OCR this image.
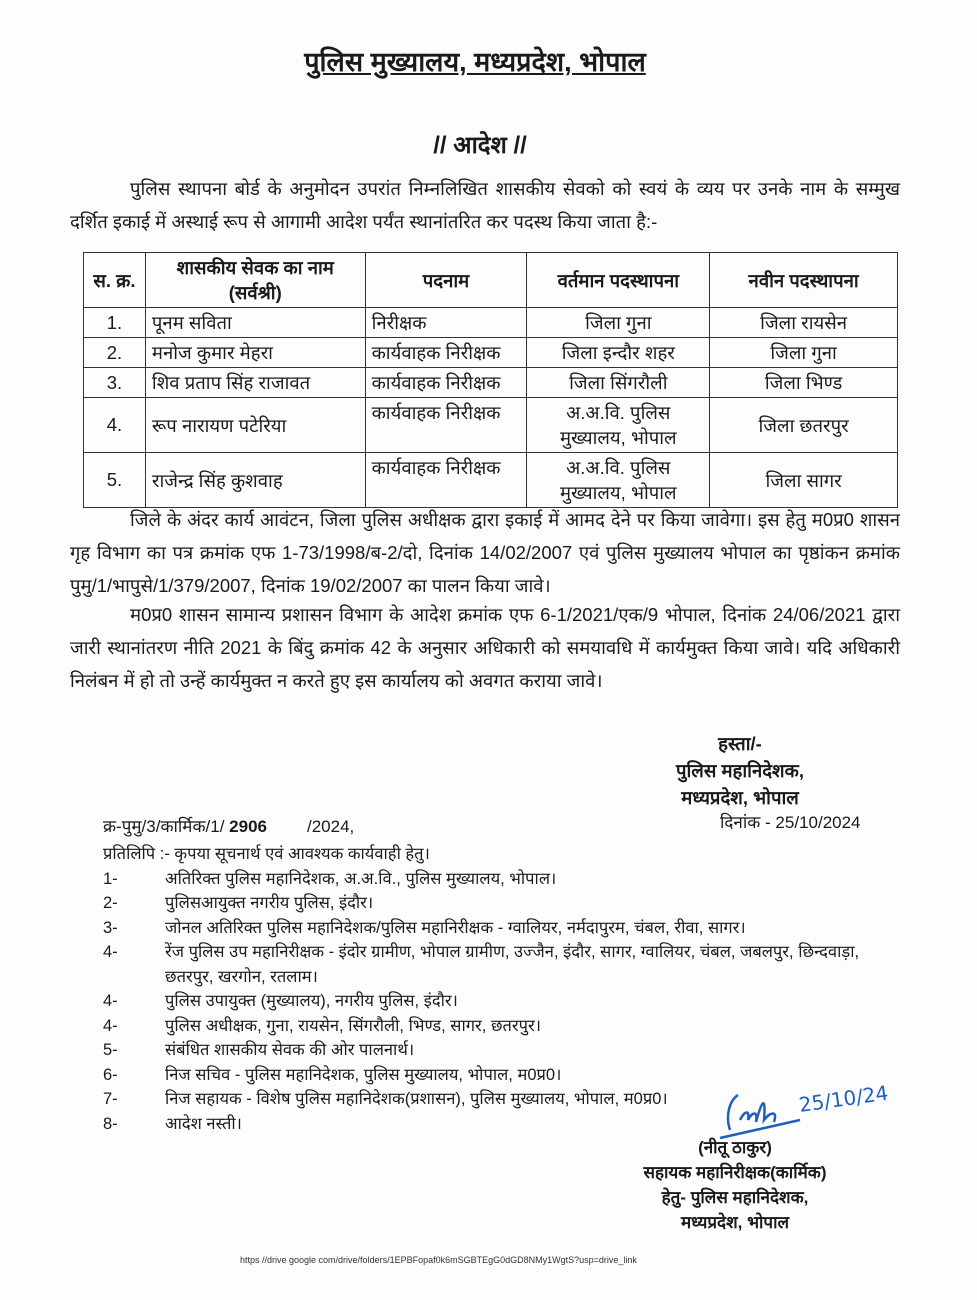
पुलिस मुख्यालय, मध्यप्रदेश, भोपाल
// आदेश //
पुलिस स्थापना बोर्ड के अनुमोदन उपरांत निम्नलिखित शासकीय सेवको को स्वयं के व्यय पर उनके नाम के सम्मुख दर्शित इकाई में अस्थाई रूप से आगामी आदेश पर्यंत स्थानांतरित कर पदस्थ किया जाता है:-
स. क्र.	शासकीय सेवक का नाम (सर्वश्री)	पदनाम	वर्तमान पदस्थापना	नवीन पदस्थापना
1.	पूनम सविता	निरीक्षक	जिला गुना	जिला रायसेन
2.	मनोज कुमार मेहरा	कार्यवाहक निरीक्षक	जिला इन्दौर शहर	जिला गुना
3.	शिव प्रताप सिंह राजावत	कार्यवाहक निरीक्षक	जिला सिंगरौली	जिला भिण्ड
4.	रूप नारायण पटेरिया	कार्यवाहक निरीक्षक	अ.अ.वि. पुलिस मुख्यालय, भोपाल	जिला छतरपुर
5.	राजेन्द्र सिंह कुशवाह	कार्यवाहक निरीक्षक	अ.अ.वि. पुलिस मुख्यालय, भोपाल	जिला सागर
जिले के अंदर कार्य आवंटन, जिला पुलिस अधीक्षक द्वारा इकाई में आमद देने पर किया जावेगा। इस हेतु म0प्र0 शासन गृह विभाग का पत्र क्रमांक एफ 1-73/1998/ब-2/दो, दिनांक 14/02/2007 एवं पुलिस मुख्यालय भोपाल का पृष्ठांकन क्रमांक पुमु/1/भापुसे/1/379/2007, दिनांक 19/02/2007 का पालन किया जावे।
म0प्र0 शासन सामान्य प्रशासन विभाग के आदेश क्रमांक एफ 6-1/2021/एक/9 भोपाल, दिनांक 24/06/2021 द्वारा जारी स्थानांतरण नीति 2021 के बिंदु क्रमांक 42 के अनुसार अधिकारी को समयावधि में कार्यमुक्त किया जावे। यदि अधिकारी निलंबन में हो तो उन्हें कार्यमुक्त न करते हुए इस कार्यालय को अवगत कराया जावे।
हस्ता/-
पुलिस महानिदेशक,
मध्यप्रदेश, भोपाल
क्र-पुमु/3/कार्मिक/1/ 2906 /2024,	दिनांक - 25/10/2024
प्रतिलिपि :- कृपया सूचनार्थ एवं आवश्यक कार्यवाही हेतु।
1-	अतिरिक्त पुलिस महानिदेशक, अ.अ.वि., पुलिस मुख्यालय, भोपाल।
2-	पुलिसआयुक्त नगरीय पुलिस, इंदौर।
3-	जोनल अतिरिक्त पुलिस महानिदेशक/पुलिस महानिरीक्षक - ग्वालियर, नर्मदापुरम, चंबल, रीवा, सागर।
4-	रेंज पुलिस उप महानिरीक्षक - इंदोर ग्रामीण, भोपाल ग्रामीण, उज्जैन, इंदौर, सागर, ग्वालियर, चंबल, जबलपुर, छिन्दवाड़ा, छतरपुर, खरगोन, रतलाम।
4-	पुलिस उपायुक्त (मुख्यालय), नगरीय पुलिस, इंदौर।
4-	पुलिस अधीक्षक, गुना, रायसेन, सिंगरौली, भिण्ड, सागर, छतरपुर।
5-	संबंधित शासकीय सेवक की ओर पालनार्थ।
6-	निज सचिव - पुलिस महानिदेशक, पुलिस मुख्यालय, भोपाल, म0प्र0।
7-	निज सहायक - विशेष पुलिस महानिदेशक(प्रशासन), पुलिस मुख्यालय, भोपाल, म0प्र0।
8-	आदेश नस्ती।
25/10/24
(नीतू ठाकुर)
सहायक महानिरीक्षक(कार्मिक)
हेतु- पुलिस महानिदेशक,
मध्यप्रदेश, भोपाल
https //drive google com/drive/folders/1EPBFopaf0k6mSGBTEgG0dGD8NMy1WgtS?usp=drive_link
